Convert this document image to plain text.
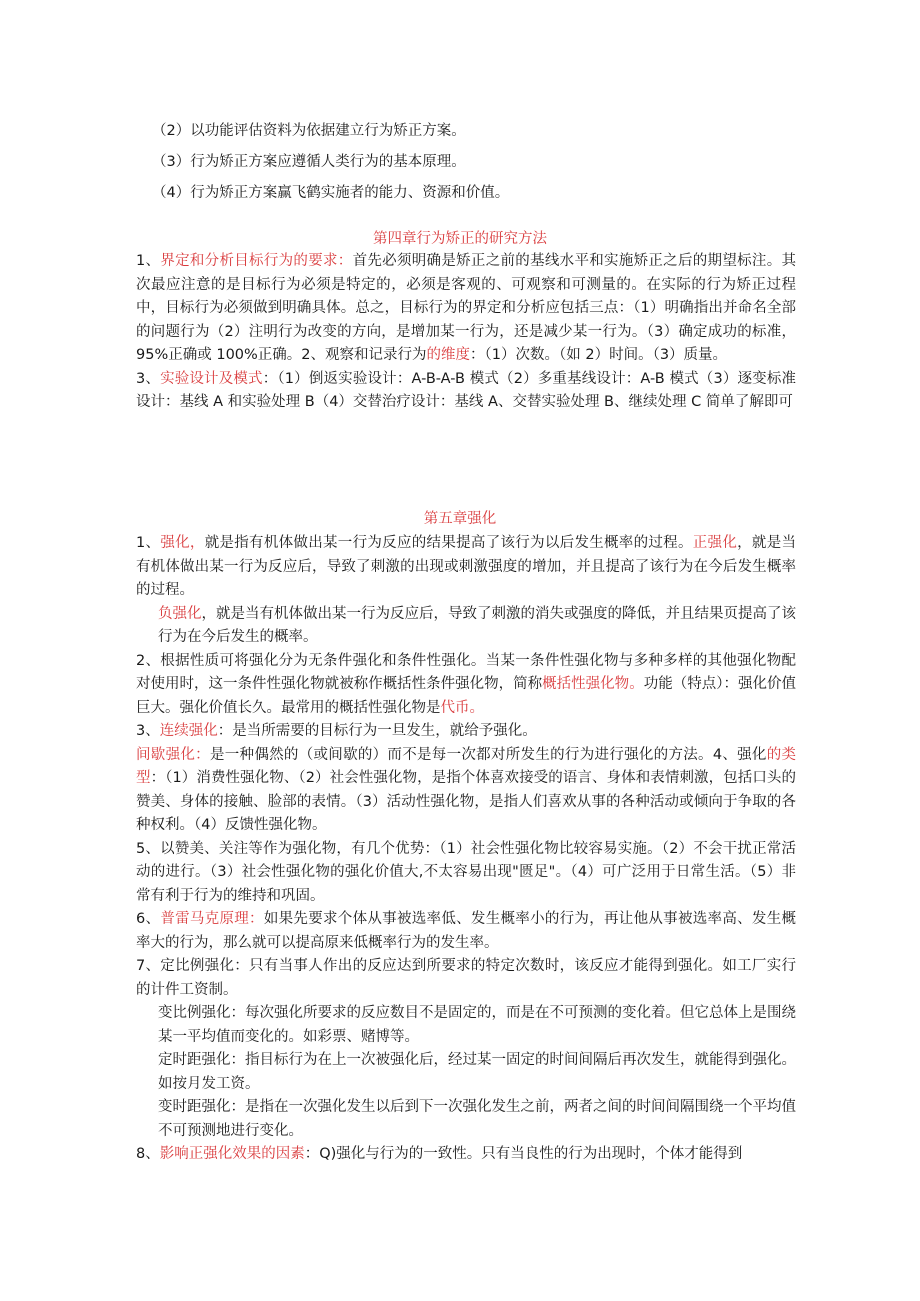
（2）以功能评估资料为依据建立行为矫正方案。

（3）行为矫正方案应遵循人类行为的基本原理。

（4）行为矫正方案赢飞鹤实施者的能力、资源和价值。

第四章行为矫正的研究方法

1、界定和分析目标行为的要求：首先必须明确是矫正之前的基线水平和实施矫正之后的期望标注。其次最应注意的是目标行为必须是特定的，必须是客观的、可观察和可测量的。在实际的行为矫正过程中，目标行为必须做到明确具体。总之，目标行为的界定和分析应包括三点：（1）明确指出并命名全部的问题行为（2）注明行为改变的方向，是增加某一行为，还是减少某一行为。（3）确定成功的标准，95%正确或 100%正确。2、观察和记录行为的维度：（1）次数。（如 2）时间。（3）质量。

3、实验设计及模式：（1）倒返实验设计：A-B-A-B 模式（2）多重基线设计：A-B 模式（3）逐变标准设计：基线 A 和实验处理 B（4）交替治疗设计：基线 A、交替实验处理 B、继续处理 C 简单了解即可

第五章强化

1、强化，就是指有机体做出某一行为反应的结果提高了该行为以后发生概率的过程。正强化，就是当有机体做出某一行为反应后，导致了刺激的出现或刺激强度的增加，并且提高了该行为在今后发生概率的过程。

负强化，就是当有机体做出某一行为反应后，导致了刺激的消失或强度的降低，并且结果页提高了该行为在今后发生的概率。

2、根据性质可将强化分为无条件强化和条件性强化。当某一条件性强化物与多种多样的其他强化物配对使用时，这一条件性强化物就被称作概括性条件强化物，简称概括性强化物。功能（特点）：强化价值巨大。强化价值长久。最常用的概括性强化物是代币。

3、连续强化：是当所需要的目标行为一旦发生，就给予强化。

间歇强化：是一种偶然的（或间歇的）而不是每一次都对所发生的行为进行强化的方法。4、强化的类型：（1）消费性强化物、（2）社会性强化物，是指个体喜欢接受的语言、身体和表情刺激，包括口头的赞美、身体的接触、脸部的表情。（3）活动性强化物，是指人们喜欢从事的各种活动或倾向于争取的各种权利。（4）反馈性强化物。

5、以赞美、关注等作为强化物，有几个优势：（1）社会性强化物比较容易实施。（2）不会干扰正常活动的进行。（3）社会性强化物的强化价值大,不太容易出现"匮足"。（4）可广泛用于日常生活。（5）非常有利于行为的维持和巩固。

6、普雷马克原理：如果先要求个体从事被选率低、发生概率小的行为，再让他从事被选率高、发生概率大的行为，那么就可以提高原来低概率行为的发生率。

7、定比例强化：只有当事人作出的反应达到所要求的特定次数时，该反应才能得到强化。如工厂实行的计件工资制。

变比例强化：每次强化所要求的反应数目不是固定的，而是在不可预测的变化着。但它总体上是围绕某一平均值而变化的。如彩票、赌博等。

定时距强化：指目标行为在上一次被强化后，经过某一固定的时间间隔后再次发生，就能得到强化。如按月发工资。

变时距强化：是指在一次强化发生以后到下一次强化发生之前，两者之间的时间间隔围绕一个平均值不可预测地进行变化。

8、影响正强化效果的因素：Q)强化与行为的一致性。只有当良性的行为出现时，个体才能得到
